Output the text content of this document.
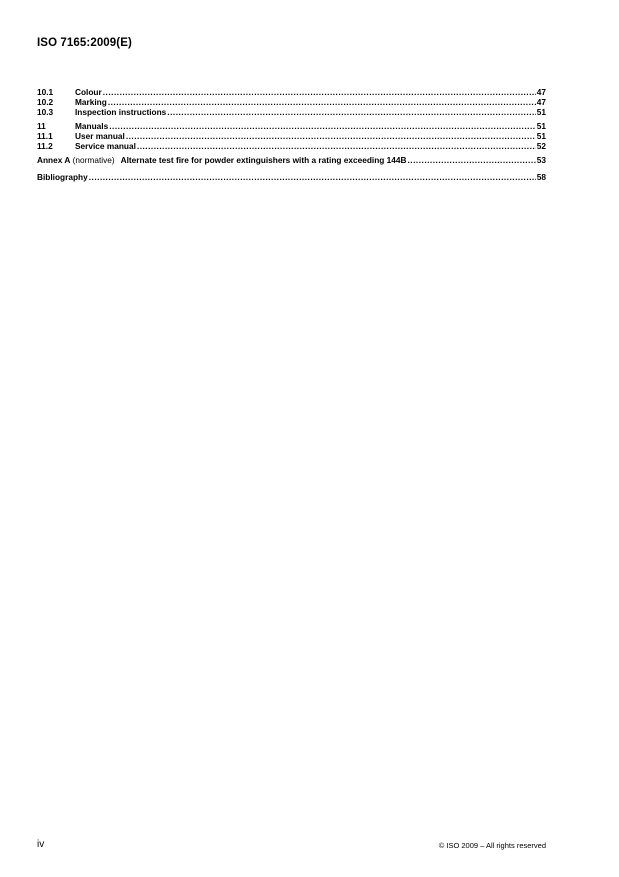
ISO 7165:2009(E)
10.1	Colour .....	47
10.2	Marking .....	47
10.3	Inspection instructions .....	51
11	Manuals .....	51
11.1	User manual .....	51
11.2	Service manual .....	52
Annex A (normative) Alternate test fire for powder extinguishers with a rating exceeding 144B .....	53
Bibliography .....	58
iv	© ISO 2009 – All rights reserved
